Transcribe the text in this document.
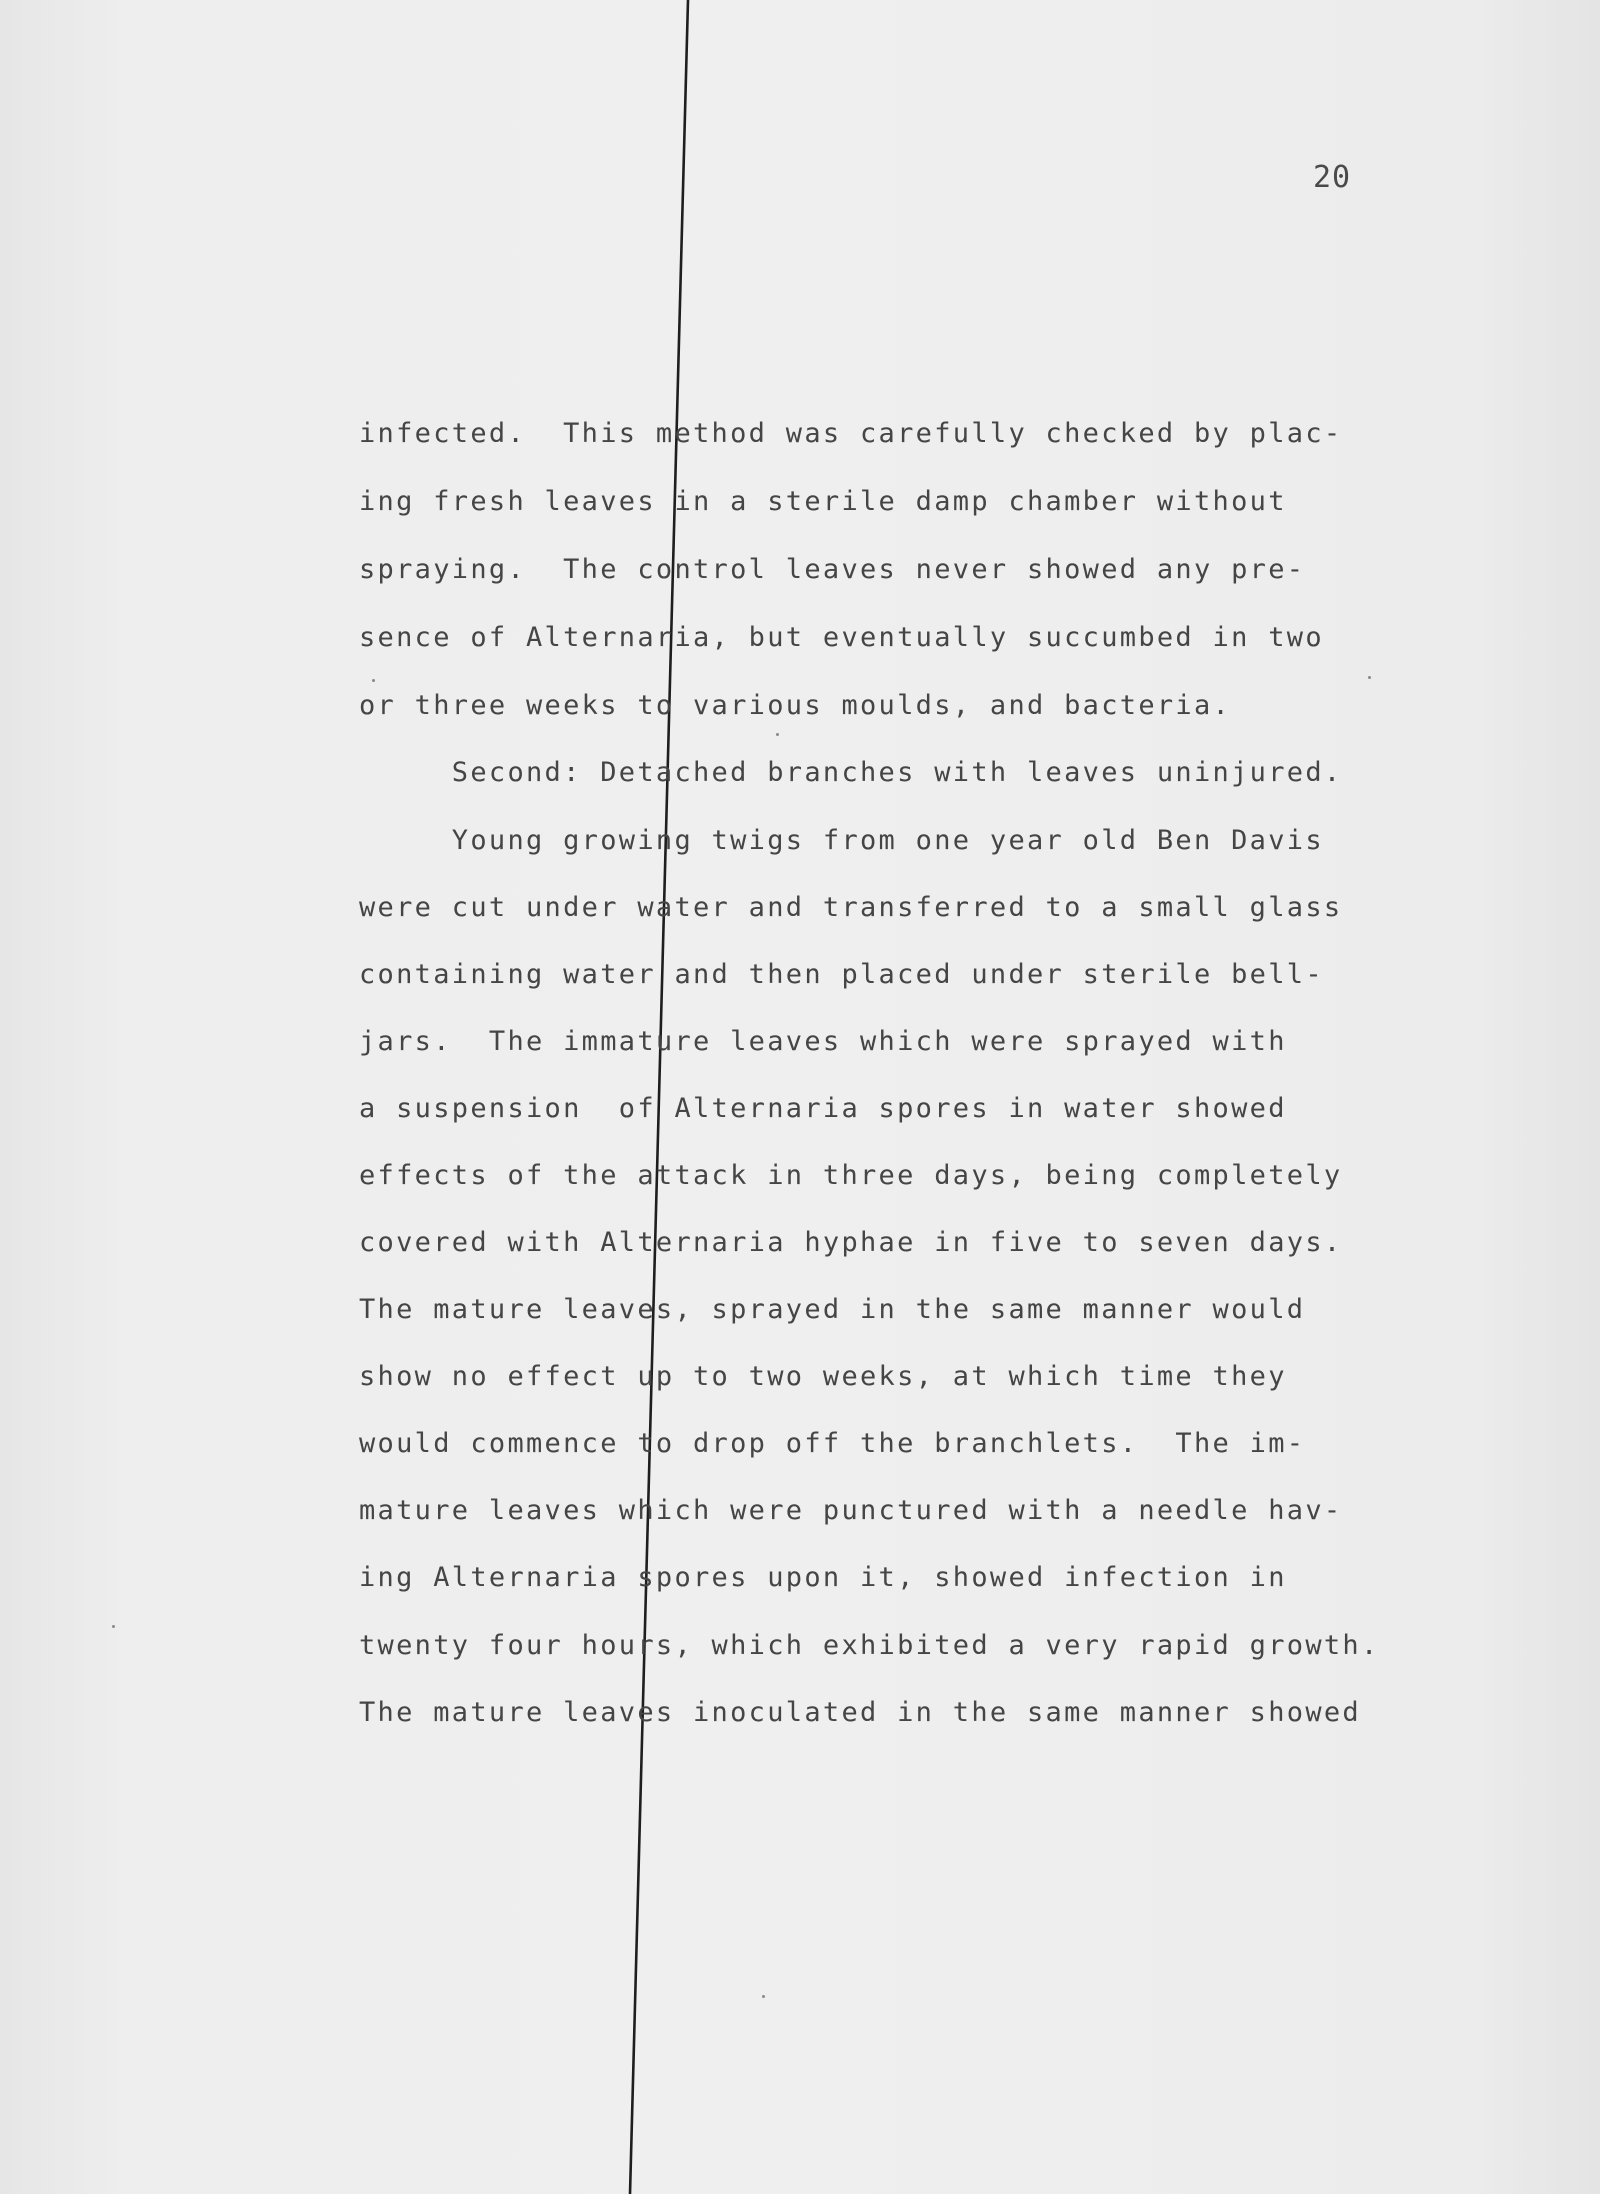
20
infected.  This method was carefully checked by plac-
ing fresh leaves in a sterile damp chamber without
spraying.  The control leaves never showed any pre-
sence of Alternaria, but eventually succumbed in two
or three weeks to various moulds, and bacteria.
Second: Detached branches with leaves uninjured.
Young growing twigs from one year old Ben Davis
were cut under water and transferred to a small glass
containing water and then placed under sterile bell-
jars.  The immature leaves which were sprayed with
a suspension  of Alternaria spores in water showed
effects of the attack in three days, being completely
covered with Alternaria hyphae in five to seven days.
The mature leaves, sprayed in the same manner would
show no effect up to two weeks, at which time they
would commence to drop off the branchlets.  The im-
mature leaves which were punctured with a needle hav-
ing Alternaria spores upon it, showed infection in
twenty four hours, which exhibited a very rapid growth.
The mature leaves inoculated in the same manner showed
